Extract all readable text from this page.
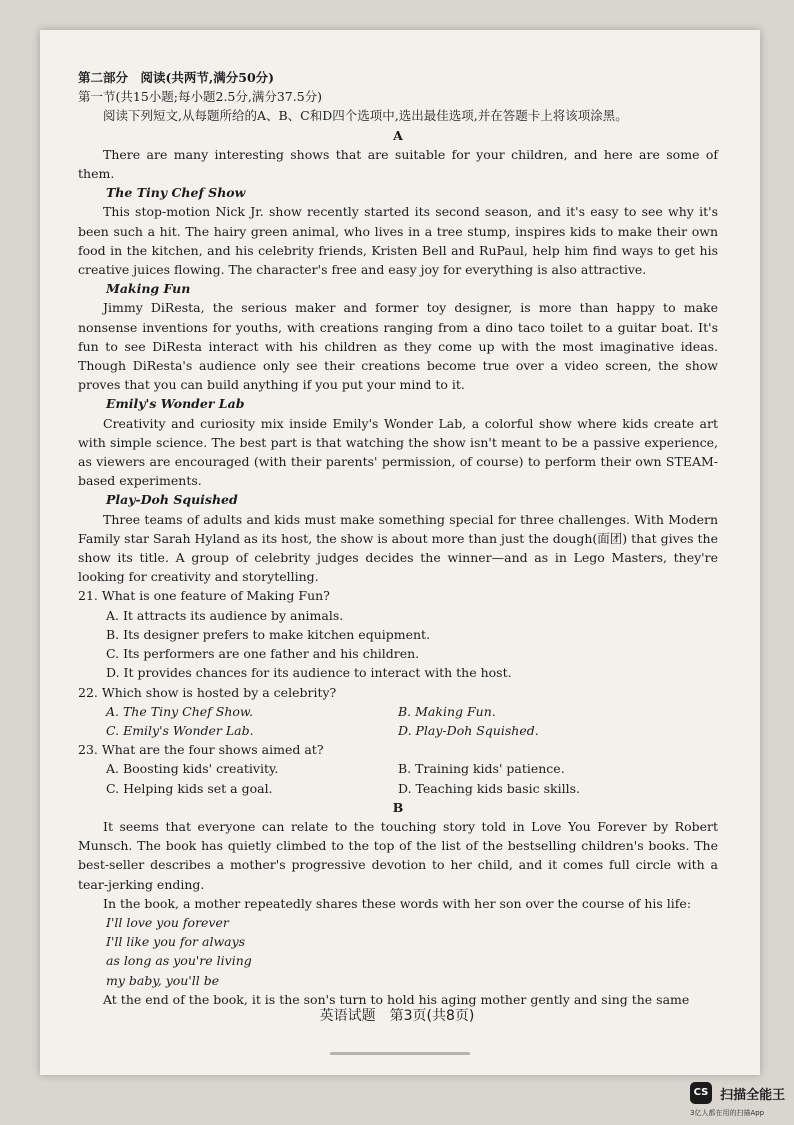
第二部分　阅读(共两节,满分50分)

第一节(共15小题;每小题2.5分,满分37.5分)

阅读下列短文,从每题所给的A、B、C和D四个选项中,选出最佳选项,并在答题卡上将该项涂黑。

A

There are many interesting shows that are suitable for your children, and here are some of them.

The Tiny Chef Show

This stop-motion Nick Jr. show recently started its second season, and it's easy to see why it's been such a hit. The hairy green animal, who lives in a tree stump, inspires kids to make their own food in the kitchen, and his celebrity friends, Kristen Bell and RuPaul, help him find ways to get his creative juices flowing. The character's free and easy joy for everything is also attractive.

Making Fun

Jimmy DiResta, the serious maker and former toy designer, is more than happy to make nonsense inventions for youths, with creations ranging from a dino taco toilet to a guitar boat. It's fun to see DiResta interact with his children as they come up with the most imaginative ideas. Though DiResta's audience only see their creations become true over a video screen, the show proves that you can build anything if you put your mind to it.

Emily's Wonder Lab

Creativity and curiosity mix inside Emily's Wonder Lab, a colorful show where kids create art with simple science. The best part is that watching the show isn't meant to be a passive experience, as viewers are encouraged (with their parents' permission, of course) to perform their own STEAM-based experiments.

Play-Doh Squished

Three teams of adults and kids must make something special for three challenges. With Modern Family star Sarah Hyland as its host, the show is about more than just the dough(面团) that gives the show its title. A group of celebrity judges decides the winner—and as in Lego Masters, they're looking for creativity and storytelling.

21. What is one feature of Making Fun?

A. It attracts its audience by animals.

B. Its designer prefers to make kitchen equipment.

C. Its performers are one father and his children.

D. It provides chances for its audience to interact with the host.

22. Which show is hosted by a celebrity?

A. The Tiny Chef Show.	B. Making Fun.

C. Emily's Wonder Lab.	D. Play-Doh Squished.

23. What are the four shows aimed at?

A. Boosting kids' creativity.	B. Training kids' patience.

C. Helping kids set a goal.	D. Teaching kids basic skills.

B

It seems that everyone can relate to the touching story told in Love You Forever by Robert Munsch. The book has quietly climbed to the top of the list of the bestselling children's books. The best-seller describes a mother's progressive devotion to her child, and it comes full circle with a tear-jerking ending.

In the book, a mother repeatedly shares these words with her son over the course of his life:

I'll love you forever

I'll like you for always

as long as you're living

my baby, you'll be

At the end of the book, it is the son's turn to hold his aging mother gently and sing the same

英语试题　第3页(共8页)
CS 扫描全能王
3亿人都在用的扫描App
